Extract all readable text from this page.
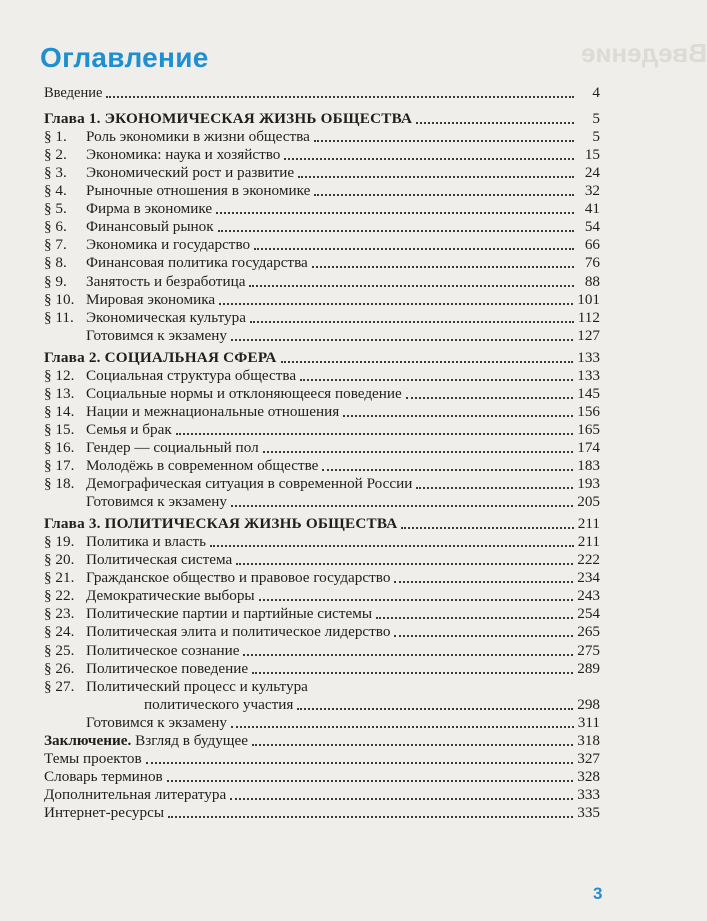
Введение
Оглавление
Введение	4
Глава 1. ЭКОНОМИЧЕСКАЯ ЖИЗНЬ ОБЩЕСТВА	5
§ 1.	Роль экономики в жизни общества	5
§ 2.	Экономика: наука и хозяйство	15
§ 3.	Экономический рост и развитие	24
§ 4.	Рыночные отношения в экономике	32
§ 5.	Фирма в экономике	41
§ 6.	Финансовый рынок	54
§ 7.	Экономика и государство	66
§ 8.	Финансовая политика государства	76
§ 9.	Занятость и безработица	88
§ 10. Мировая экономика	101
§ 11. Экономическая культура	112
Готовимся к экзамену	127
Глава 2. СОЦИАЛЬНАЯ СФЕРА	133
§ 12. Социальная структура общества	133
§ 13. Социальные нормы и отклоняющееся поведение	145
§ 14. Нации и межнациональные отношения	156
§ 15. Семья и брак	165
§ 16. Гендер — социальный пол	174
§ 17. Молодёжь в современном обществе	183
§ 18. Демографическая ситуация в современной России	193
Готовимся к экзамену	205
Глава 3. ПОЛИТИЧЕСКАЯ ЖИЗНЬ ОБЩЕСТВА	211
§ 19. Политика и власть	211
§ 20. Политическая система	222
§ 21. Гражданское общество и правовое государство	234
§ 22. Демократические выборы	243
§ 23. Политические партии и партийные системы	254
§ 24. Политическая элита и политическое лидерство	265
§ 25. Политическое сознание	275
§ 26. Политическое поведение	289
§ 27. Политический процесс и культура
политического участия	298
Готовимся к экзамену	311
Заключение. Взгляд в будущее	318
Темы проектов	327
Словарь терминов	328
Дополнительная литература	333
Интернет-ресурсы	335
3
